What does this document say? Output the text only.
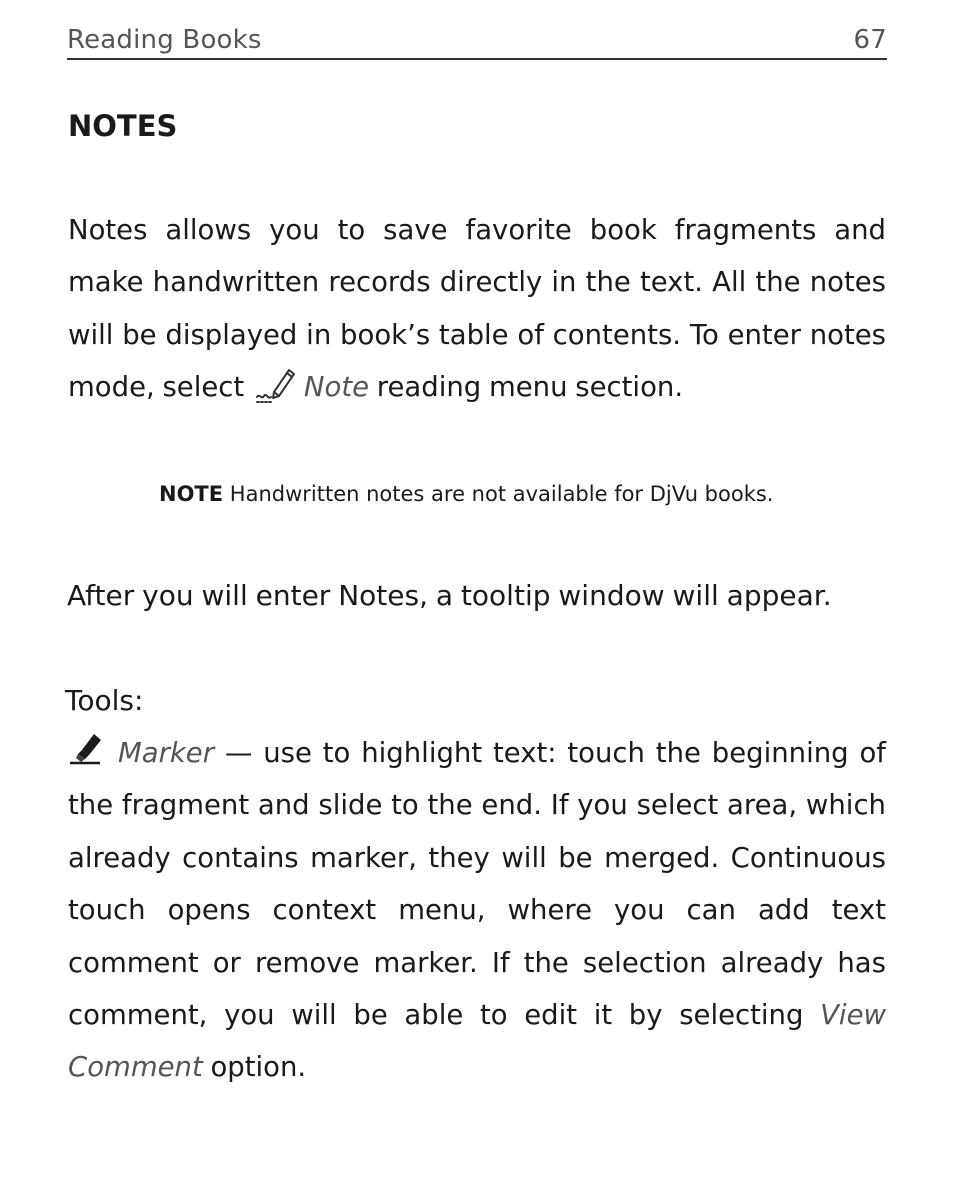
Reading Books	67
NOTES

Notes allows you to save favorite book fragments and make handwritten records directly in the text. All the notes will be displayed in book’s table of contents. To enter notes mode, select Note reading menu section.

NOTE Handwritten notes are not available for DjVu books.

After you will enter Notes, a tooltip window will appear.

Tools:

Marker — use to highlight text: touch the beginning of the fragment and slide to the end. If you select area, which already contains marker, they will be merged. Continuous touch opens context menu, where you can add text comment or remove marker. If the selection already has comment, you will be able to edit it by selecting View Comment option.
